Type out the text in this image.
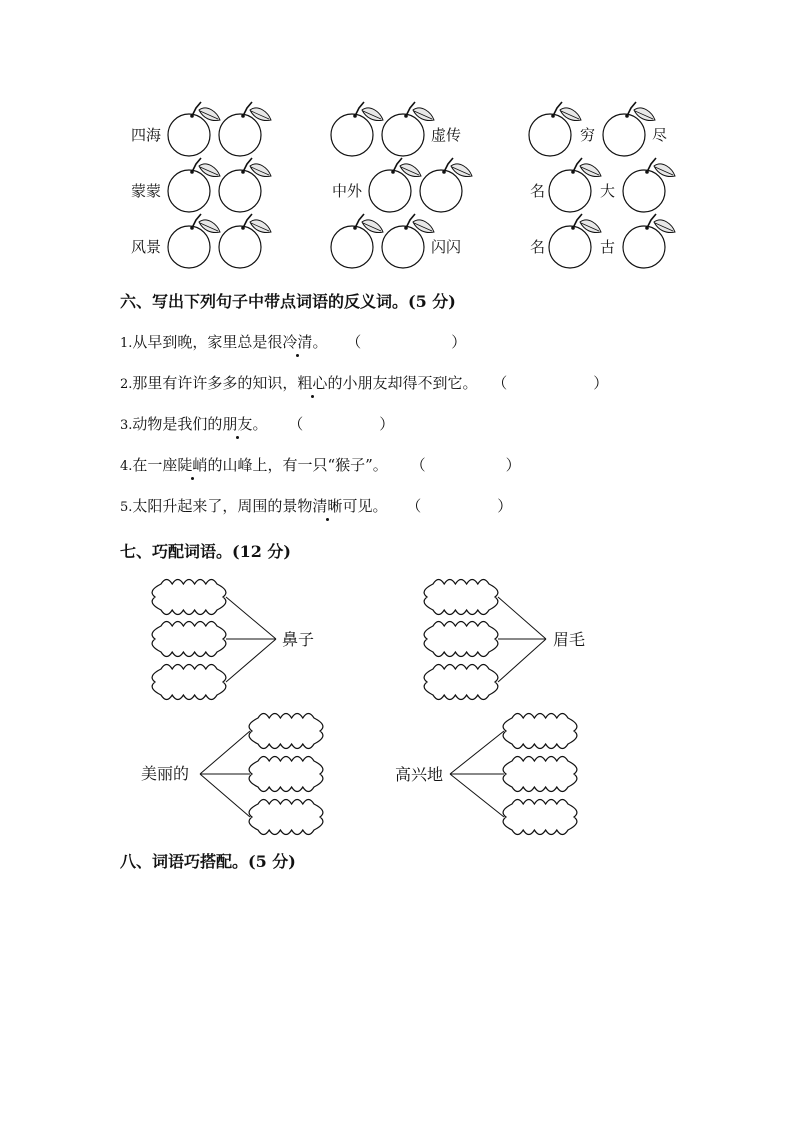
四海	虚传	穷	尽
蒙蒙	中外	名	大
风景	闪闪	名	古
六、写出下列句子中带点词语的反义词。(5 分)
1.从早到晚，家里总是很冷清。 （	）
2.那里有许许多多的知识，粗心的小朋友却得不到它。 （	）
3.动物是我们的朋友。 （	）
4.在一座陡峭的山峰上，有一只“猴子”。 （	）
5.太阳升起来了，周围的景物清晰可见。 （	）
七、巧配词语。(12 分)
鼻子	眉毛
美丽的	高兴地
八、词语巧搭配。(5 分)
